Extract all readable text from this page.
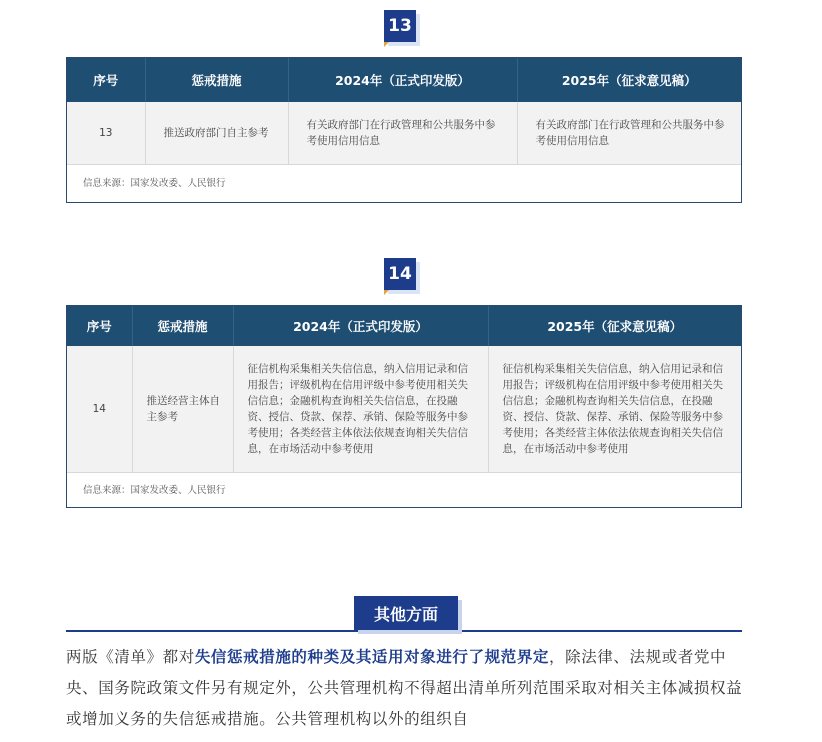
13
序号	惩戒措施	2024年（正式印发版）	2025年（征求意见稿）
13	推送政府部门自主参考	有关政府部门在行政管理和公共服务中参考使用信用信息	有关政府部门在行政管理和公共服务中参考使用信用信息
信息来源：国家发改委、人民银行
14
序号	惩戒措施	2024年（正式印发版）	2025年（征求意见稿）
14	推送经营主体自主参考	征信机构采集相关失信信息，纳入信用记录和信用报告；评级机构在信用评级中参考使用相关失信信息；金融机构查询相关失信信息，在投融资、授信、贷款、保荐、承销、保险等服务中参考使用；各类经营主体依法依规查询相关失信信息，在市场活动中参考使用	征信机构采集相关失信信息，纳入信用记录和信用报告；评级机构在信用评级中参考使用相关失信信息；金融机构查询相关失信信息，在投融资、授信、贷款、保荐、承销、保险等服务中参考使用；各类经营主体依法依规查询相关失信信息，在市场活动中参考使用
信息来源：国家发改委、人民银行
其他方面

两版《清单》都对失信惩戒措施的种类及其适用对象进行了规范界定，除法律、法规或者党中央、国务院政策文件另有规定外，公共管理机构不得超出清单所列范围采取对相关主体减损权益或增加义务的失信惩戒措施。公共管理机构以外的组织自
